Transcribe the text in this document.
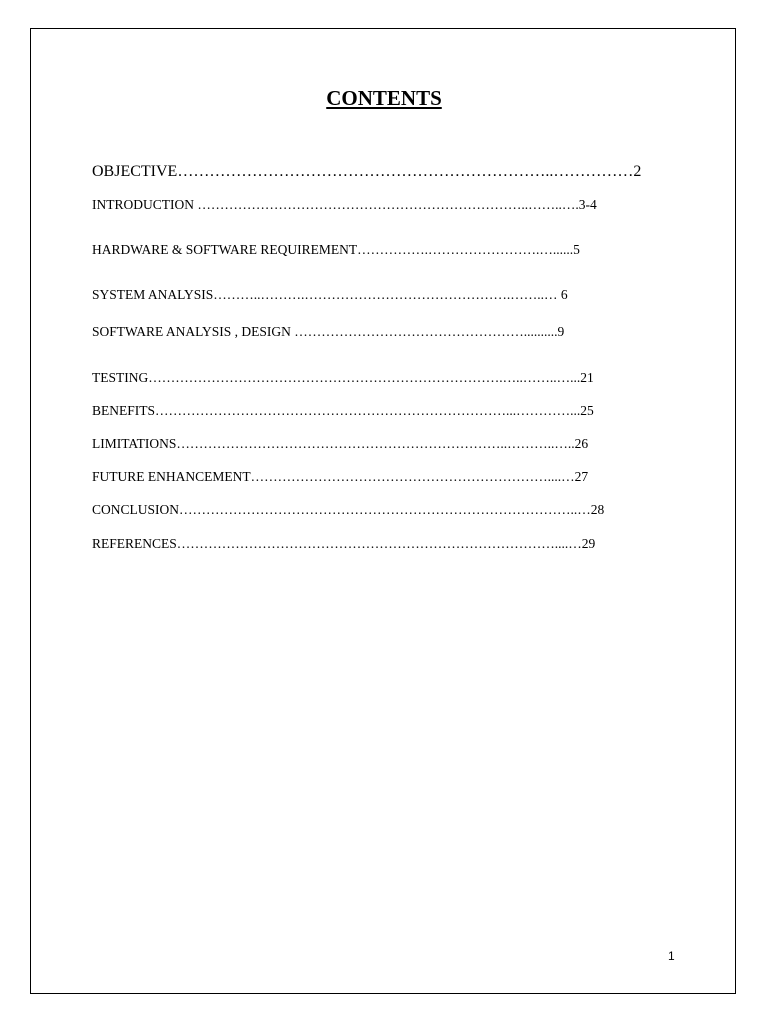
CONTENTS
OBJECTIVE……………………………………………………………..……………2
INTRODUCTION ………………………………………………………………..……..….3-4
HARDWARE & SOFTWARE REQUIREMENT…………….…………………….…......5
SYSTEM ANALYSIS………..……….……………………………………….……..… 6
SOFTWARE ANALYSIS , DESIGN ……………………………………………..........9
TESTING…………………………………………………………………….…..……..…...21
BENEFITS……………………………………………………………………...…………...25
LIMITATIONS………………………………………………………………..………..…..26
FUTURE ENHANCEMENT…………………………………………………………....…27
CONCLUSION……………………………………………………………………………..…28
REFERENCES…………………………………………………………………………....…29
1
